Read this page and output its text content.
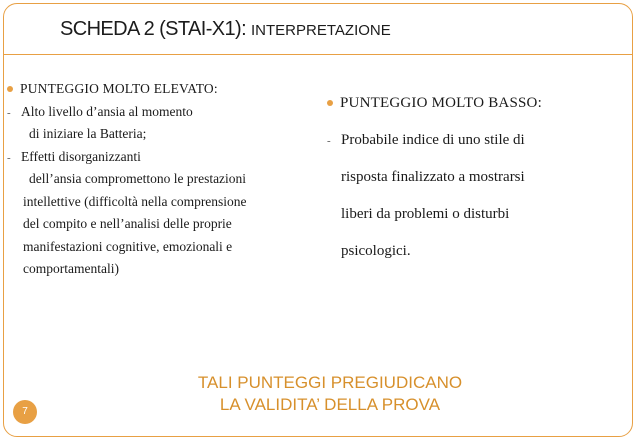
SCHEDA 2 (STAI-X1): INTERPRETAZIONE
PUNTEGGIO MOLTO ELEVATO:
- Alto livello d’ansia al momento
di iniziare la Batteria;
- Effetti disorganizzanti
dell’ansia compromettono le prestazioni
intellettive (difficoltà nella comprensione
del compito e nell’analisi delle proprie
manifestazioni cognitive, emozionali e
comportamentali)
PUNTEGGIO MOLTO BASSO:
- Probabile indice di uno stile di
risposta finalizzato a mostrarsi
liberi da problemi o disturbi
psicologici.
TALI PUNTEGGI PREGIUDICANO
LA VALIDITA’ DELLA PROVA
7
